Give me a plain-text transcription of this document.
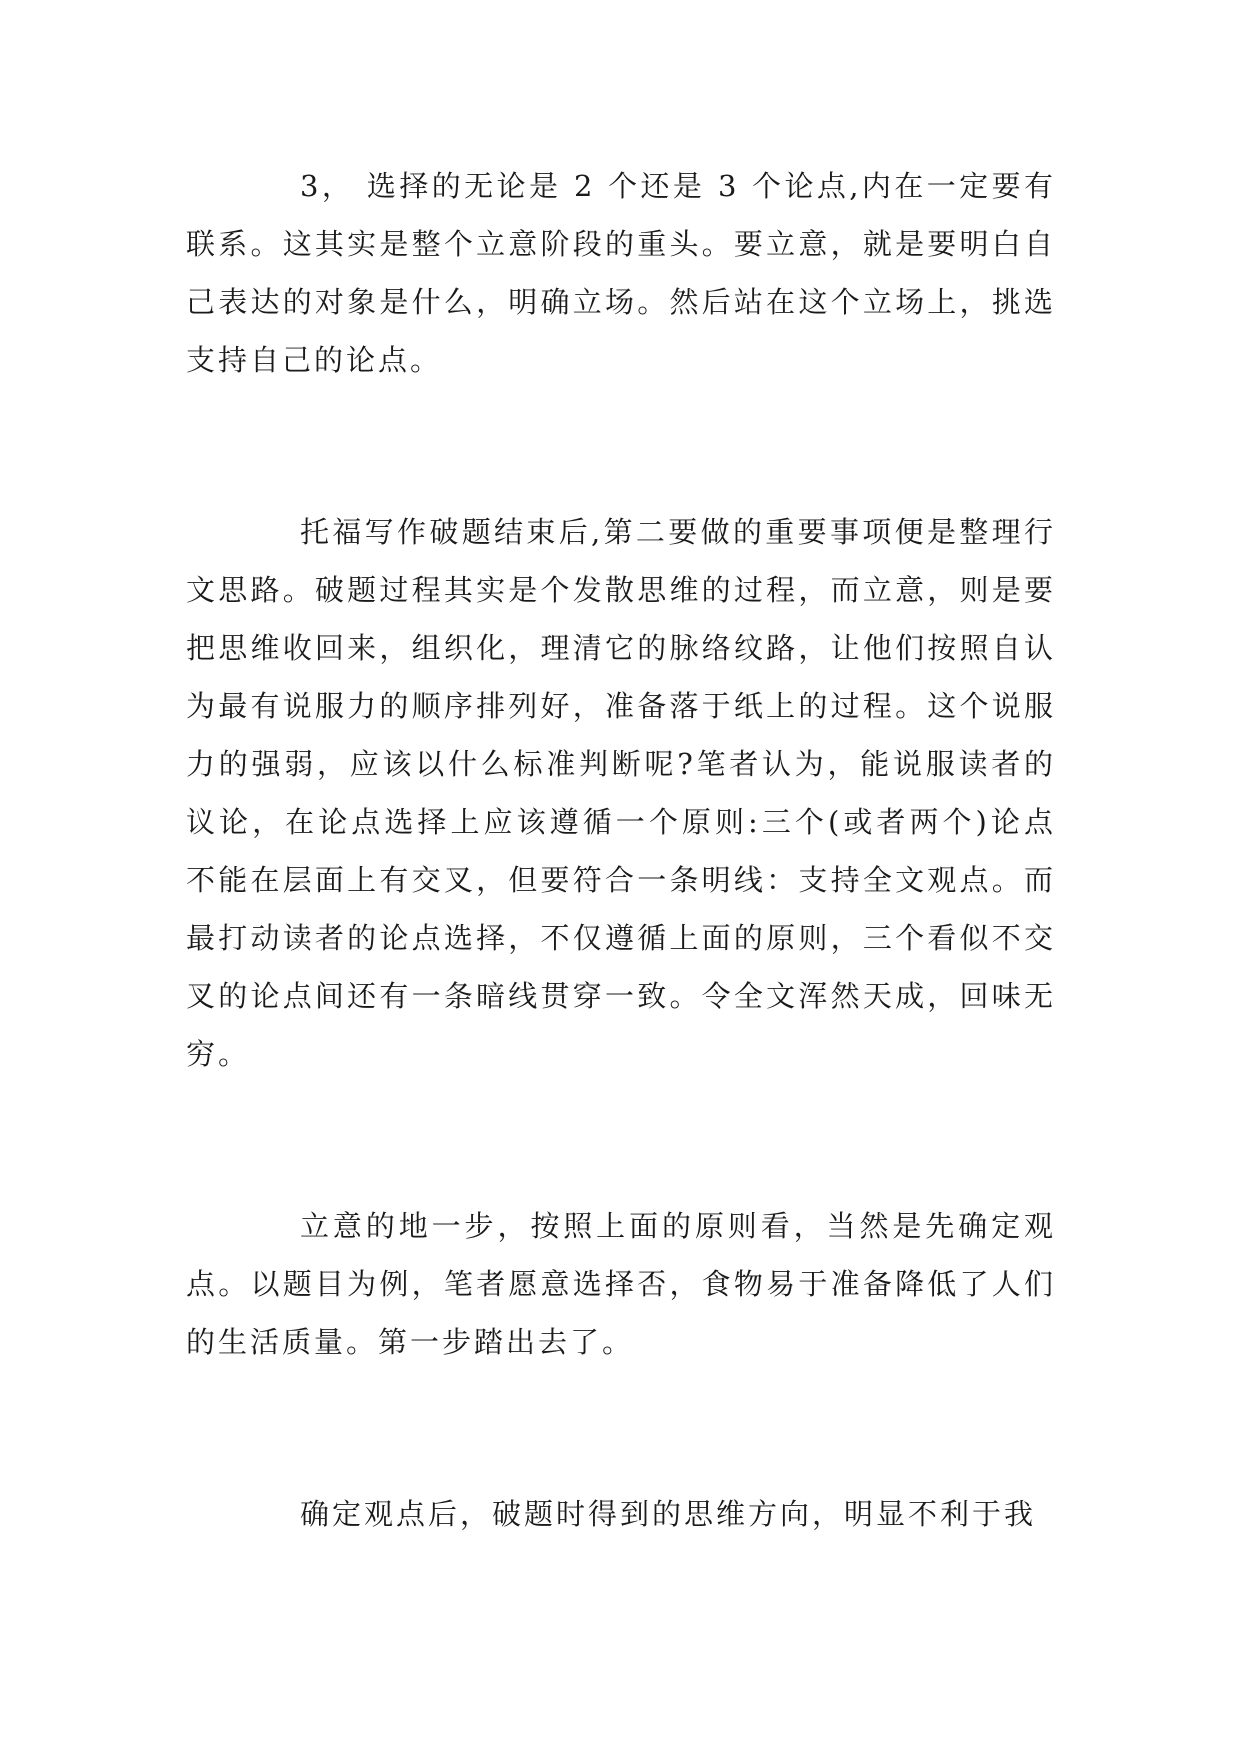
3， 选择的无论是 2 个还是 3 个论点,内在一定要有联系。这其实是整个立意阶段的重头。要立意，就是要明白自己表达的对象是什么，明确立场。然后站在这个立场上，挑选支持自己的论点。

托福写作破题结束后,第二要做的重要事项便是整理行文思路。破题过程其实是个发散思维的过程，而立意，则是要把思维收回来，组织化，理清它的脉络纹路，让他们按照自认为最有说服力的顺序排列好，准备落于纸上的过程。这个说服力的强弱，应该以什么标准判断呢?笔者认为，能说服读者的议论，在论点选择上应该遵循一个原则:三个(或者两个)论点不能在层面上有交叉，但要符合一条明线：支持全文观点。而最打动读者的论点选择，不仅遵循上面的原则，三个看似不交叉的论点间还有一条暗线贯穿一致。令全文浑然天成，回味无穷。

立意的地一步，按照上面的原则看，当然是先确定观点。以题目为例，笔者愿意选择否，食物易于准备降低了人们的生活质量。第一步踏出去了。

确定观点后，破题时得到的思维方向，明显不利于我
